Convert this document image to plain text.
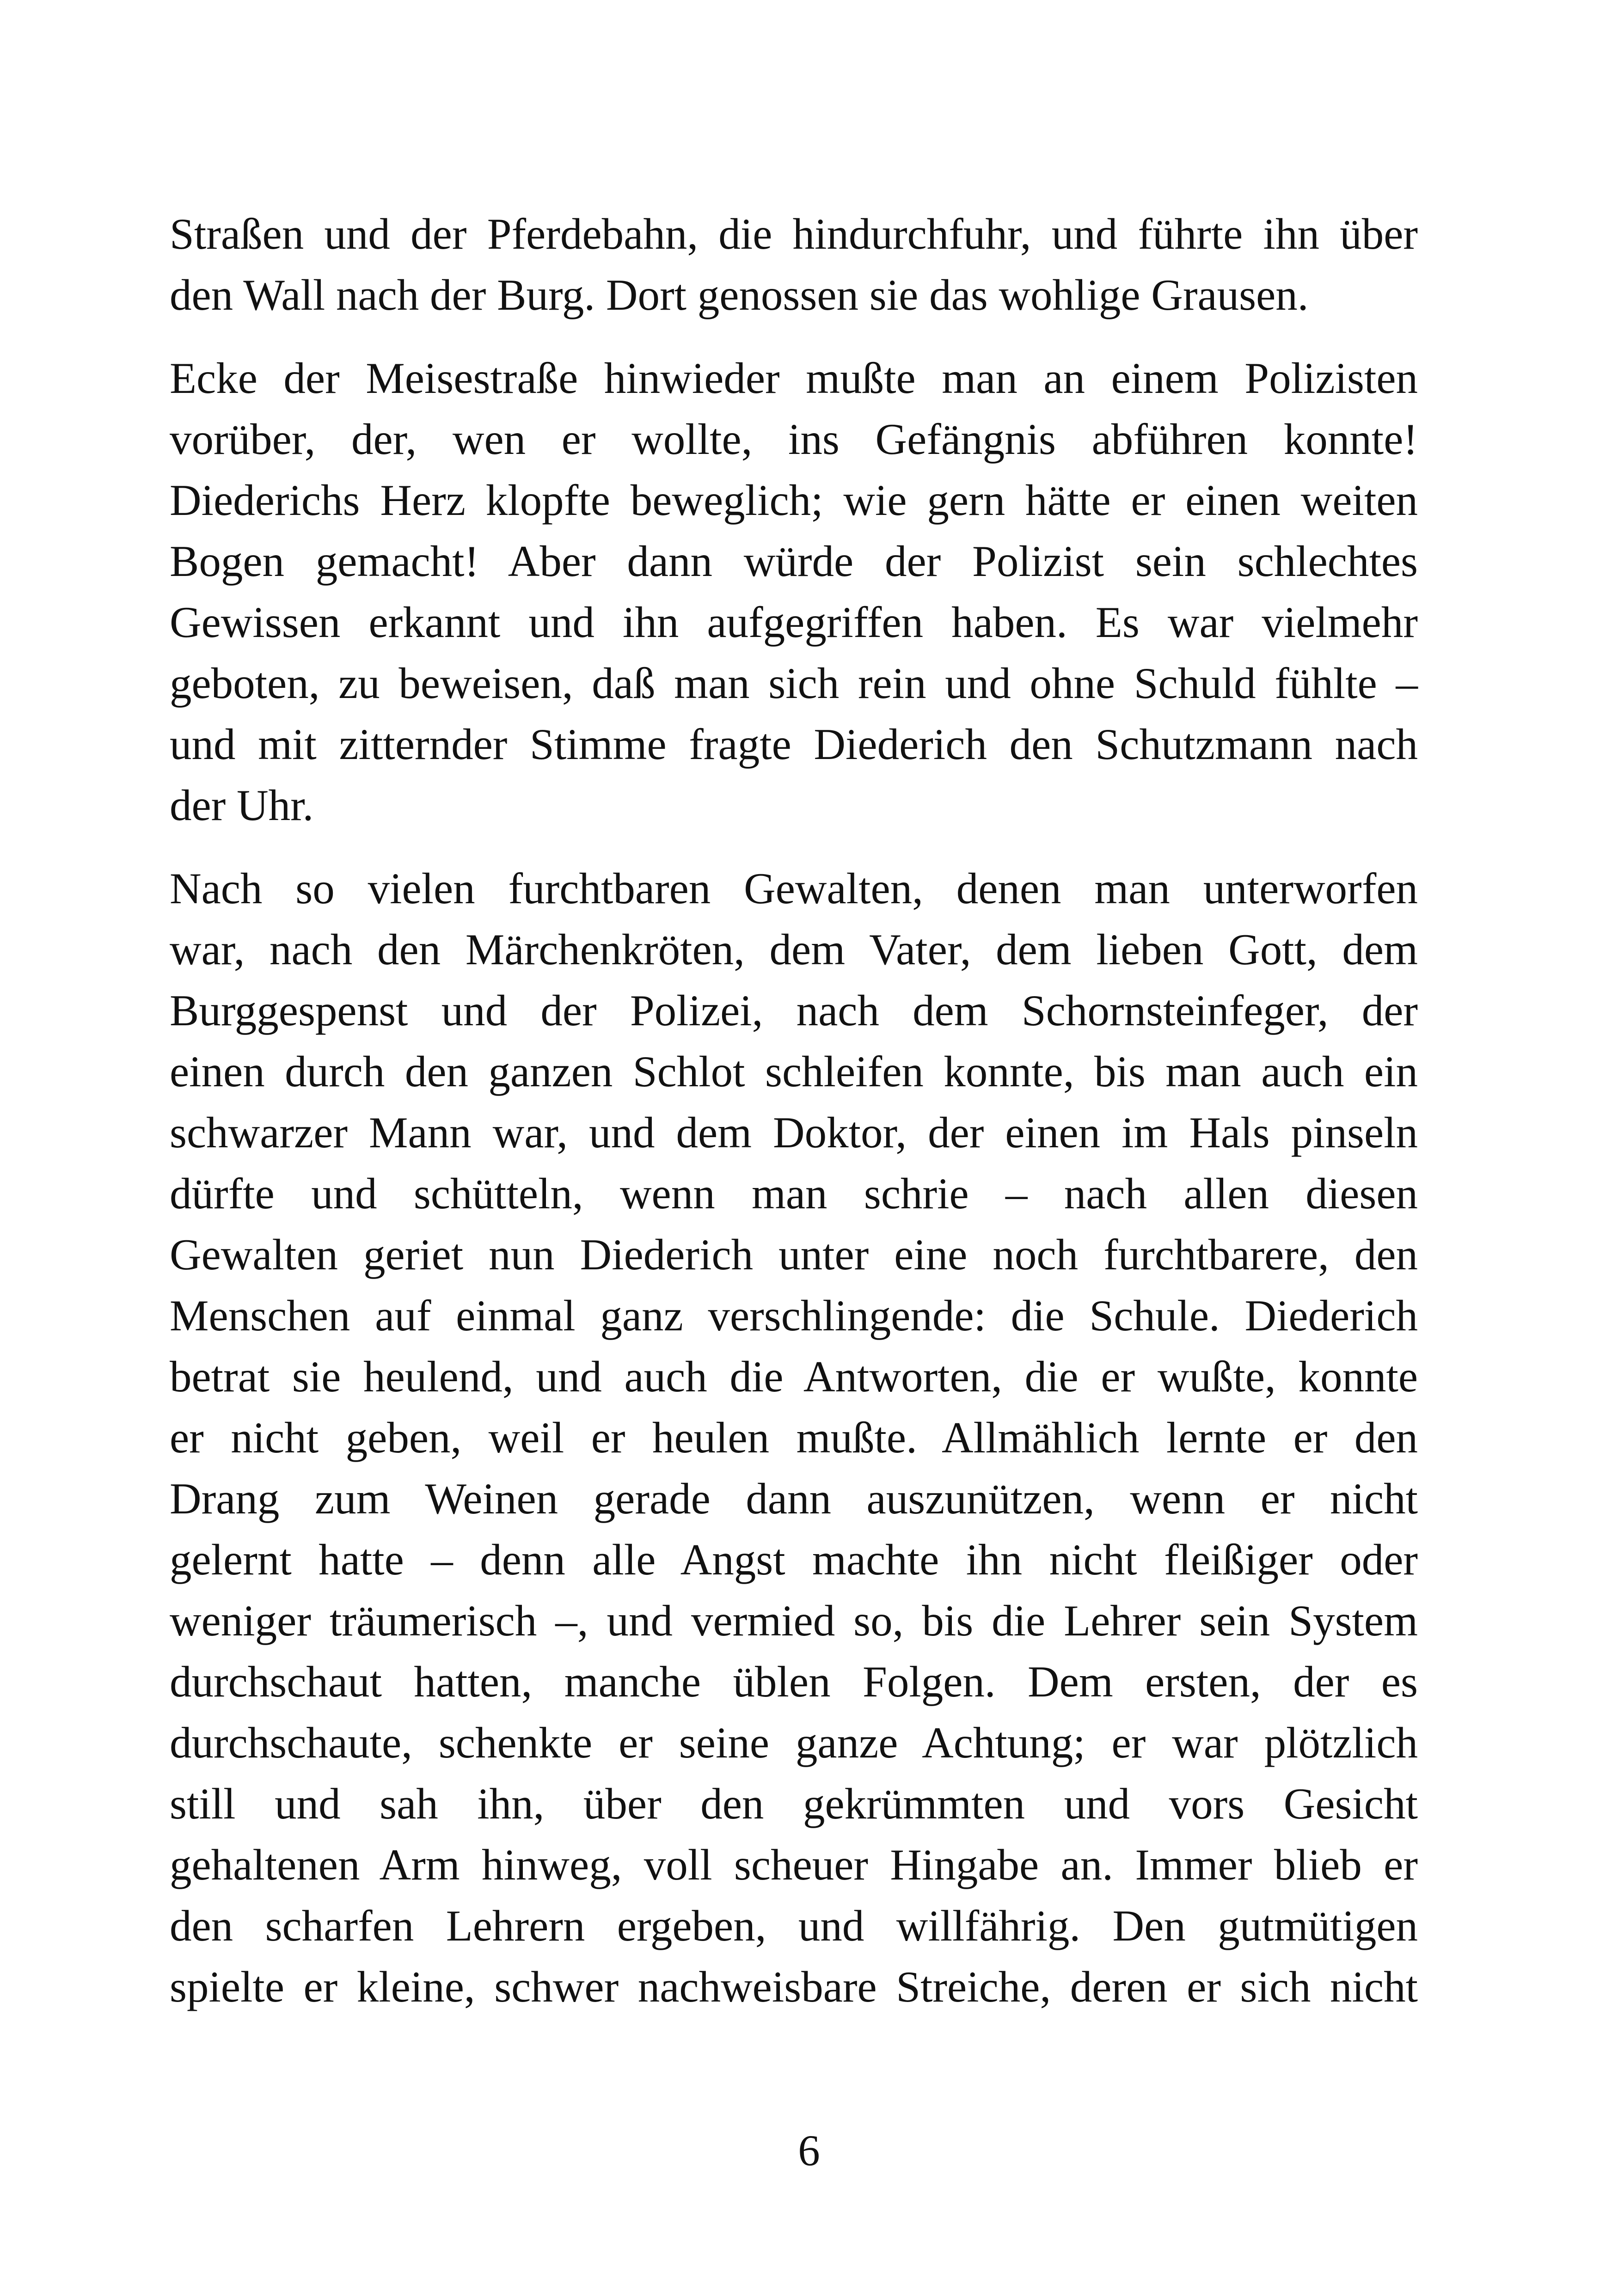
Straßen und der Pferdebahn, die hindurchfuhr, und führte ihn über
den Wall nach der Burg. Dort genossen sie das wohlige Grausen.
Ecke der Meisestraße hinwieder mußte man an einem Polizisten
vorüber, der, wen er wollte, ins Gefängnis abführen konnte!
Diederichs Herz klopfte beweglich; wie gern hätte er einen weiten
Bogen gemacht! Aber dann würde der Polizist sein schlechtes
Gewissen erkannt und ihn aufgegriffen haben. Es war vielmehr
geboten, zu beweisen, daß man sich rein und ohne Schuld fühlte –
und mit zitternder Stimme fragte Diederich den Schutzmann nach
der Uhr.
Nach so vielen furchtbaren Gewalten, denen man unterworfen
war, nach den Märchenkröten, dem Vater, dem lieben Gott, dem
Burggespenst und der Polizei, nach dem Schornsteinfeger, der
einen durch den ganzen Schlot schleifen konnte, bis man auch ein
schwarzer Mann war, und dem Doktor, der einen im Hals pinseln
dürfte und schütteln, wenn man schrie – nach allen diesen
Gewalten geriet nun Diederich unter eine noch furchtbarere, den
Menschen auf einmal ganz verschlingende: die Schule. Diederich
betrat sie heulend, und auch die Antworten, die er wußte, konnte
er nicht geben, weil er heulen mußte. Allmählich lernte er den
Drang zum Weinen gerade dann auszunützen, wenn er nicht
gelernt hatte – denn alle Angst machte ihn nicht fleißiger oder
weniger träumerisch –, und vermied so, bis die Lehrer sein System
durchschaut hatten, manche üblen Folgen. Dem ersten, der es
durchschaute, schenkte er seine ganze Achtung; er war plötzlich
still und sah ihn, über den gekrümmten und vors Gesicht
gehaltenen Arm hinweg, voll scheuer Hingabe an. Immer blieb er
den scharfen Lehrern ergeben, und willfährig. Den gutmütigen
spielte er kleine, schwer nachweisbare Streiche, deren er sich nicht
6
